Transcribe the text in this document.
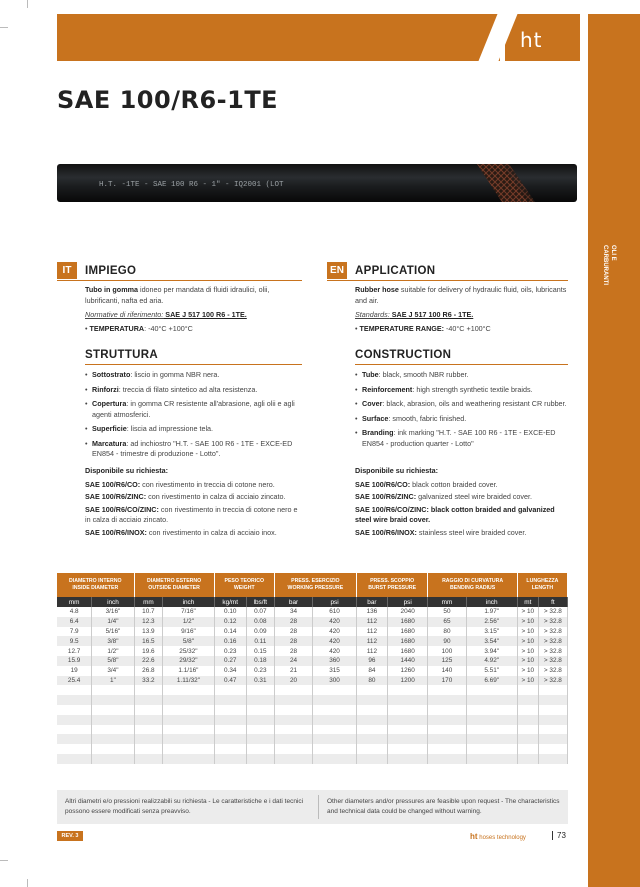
ht
OLI E
CARBURANTI
SAE 100/R6-1TE
H.T. -1TE - SAE 100 R6 - 1" - IQ2001 (LOT
IT	IMPIEGO
Tubo in gomma idoneo per mandata di fluidi idraulici, olii, lubrificanti, nafta ed aria.
Normative di riferimento: SAE J 517 100 R6 - 1TE.
• TEMPERATURA: -40°C +100°C
STRUTTURA
• Sottostrato: liscio in gomma NBR nera.
• Rinforzi: treccia di filato sintetico ad alta resistenza.
• Copertura: in gomma CR resistente all'abrasione, agli olii e agli agenti atmosferici.
• Superficie: liscia ad impressione tela.
• Marcatura: ad inchiostro "H.T. - SAE 100 R6 - 1TE - EXCE-ED EN854 - trimestre di produzione - Lotto".
Disponibile su richiesta:
SAE 100/R6/CO: con rivestimento in treccia di cotone nero.
SAE 100/R6/ZINC: con rivestimento in calza di acciaio zincato.
SAE 100/R6/CO/ZINC: con rivestimento in treccia di cotone nero e in calza di acciaio zincato.
SAE 100/R6/INOX: con rivestimento in calza di acciaio inox.
EN APPLICATION
Rubber hose suitable for delivery of hydraulic fluid, oils, lubricants and air.
Standards: SAE J 517 100 R6 - 1TE.
• TEMPERATURE RANGE: -40°C +100°C
CONSTRUCTION
• Tube: black, smooth NBR rubber.
• Reinforcement: high strength synthetic textile braids.
• Cover: black, abrasion, oils and weathering resistant CR rubber.
• Surface: smooth, fabric finished.
• Branding: ink marking "H.T. - SAE 100 R6 - 1TE - EXCE-ED EN854 - production quarter - Lotto"
Disponibile su richiesta:
SAE 100/R6/CO: black cotton braided cover.
SAE 100/R6/ZINC: galvanized steel wire braided cover.
SAE 100/R6/CO/ZINC: black cotton braided and galvanized steel wire braid cover.
SAE 100/R6/INOX: stainless steel wire braided cover.
DIAMETRO INTERNO
INSIDE DIAMETER		DIAMETRO ESTERNO
OUTSIDE DIAMETER		PESO TEORICO
WEIGHT		PRESS. ESERCIZIO
WORKING PRESSURE		PRESS. SCOPPIO
BURST PRESSURE		RAGGIO DI CURVATURA
BENDING RADIUS		LUNGHEZZA
LENGTH	
mm	inch	mm	inch	kg/mt	lbs/ft	bar	psi	bar	psi	mm	inch	mt	ft
4.8	3/16"	10.7	7/16"	0.10	0.07	34	610	136	2040	50	1.97"	> 10	> 32.8
6.4	1/4"	12.3	1/2"	0.12	0.08	28	420	112	1680	65	2.56"	> 10	> 32.8
7.9	5/16"	13.9	9/16"	0.14	0.09	28	420	112	1680	80	3.15"	> 10	> 32.8
9.5	3/8"	16.5	5/8"	0.16	0.11	28	420	112	1680	90	3.54"	> 10	> 32.8
12.7	1/2"	19.6	25/32"	0.23	0.15	28	420	112	1680	100	3.94"	> 10	> 32.8
15.9	5/8"	22.6	29/32"	0.27	0.18	24	360	96	1440	125	4.92"	> 10	> 32.8
19	3/4"	26.8	1.1/16"	0.34	0.23	21	315	84	1260	140	5.51"	> 10	> 32.8
25.4	1"	33.2	1.11/32"	0.47	0.31	20	300	80	1200	170	6.69"	> 10	> 32.8

Altri diametri e/o pressioni realizzabili su richiesta - Le caratteristiche e i dati tecnici possono essere modificati senza preavviso.
Other diameters and/or pressures are feasible upon request - The characteristics and technical data could be changed without warning.
REV. 3	ht hoses technology	73
